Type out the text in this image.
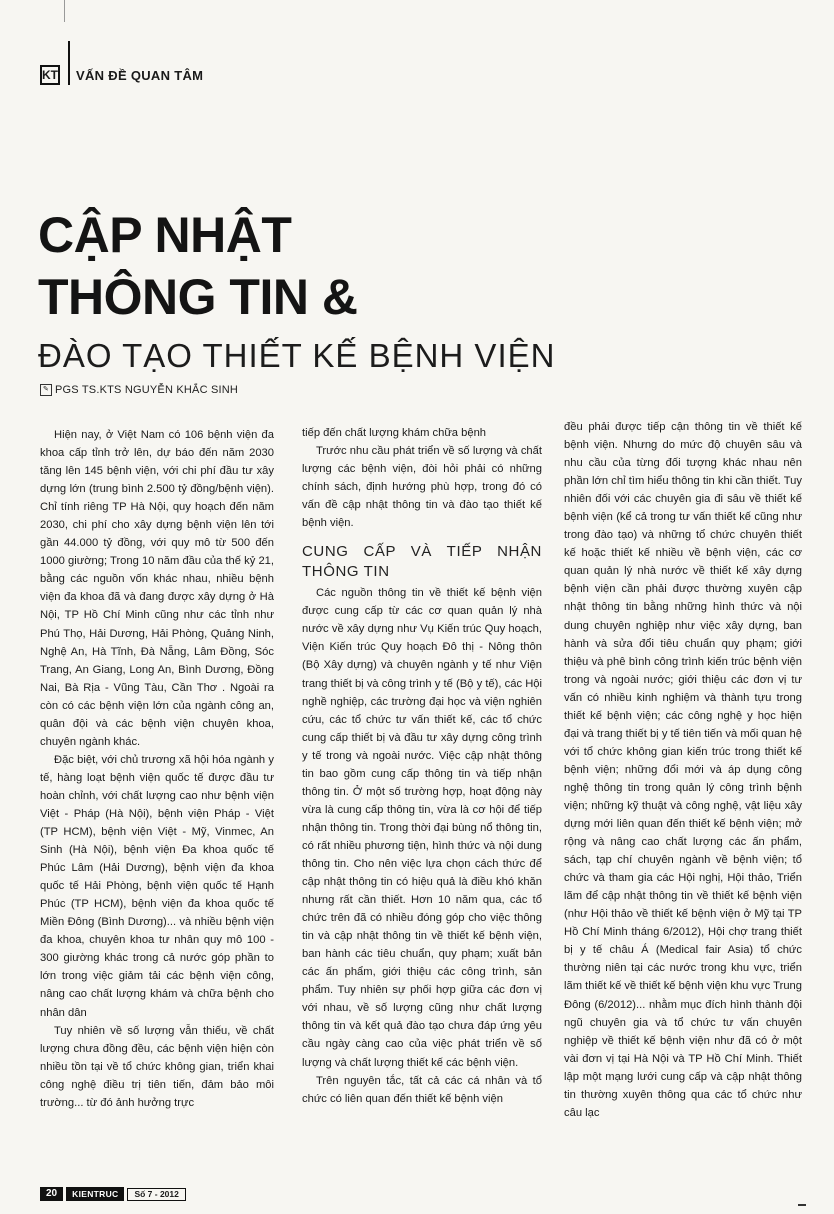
KT VẤN ĐỀ QUAN TÂM
CẬP NHẬT
THÔNG TIN &
ĐÀO TẠO THIẾT KẾ BỆNH VIỆN
✎ PGS TS.KTS NGUYỄN KHẮC SINH

Hiện nay, ở Việt Nam có 106 bệnh viện đa khoa cấp tỉnh trở lên, dự báo đến năm 2030 tăng lên 145 bệnh viện, với chi phí đầu tư xây dựng lớn (trung bình 2.500 tỷ đồng/bệnh viện). Chỉ tính riêng TP Hà Nội, quy hoạch đến năm 2030, chi phí cho xây dựng bệnh viện lên tới gần 44.000 tỷ đồng, với quy mô từ 500 đến 1000 giường; Trong 10 năm đầu của thế kỷ 21, bằng các nguồn vốn khác nhau, nhiều bệnh viện đa khoa đã và đang được xây dựng ở Hà Nội, TP Hồ Chí Minh cũng như các tỉnh như Phú Thọ, Hải Dương, Hải Phòng, Quảng Ninh, Nghệ An, Hà Tĩnh, Đà Nẵng, Lâm Đồng, Sóc Trang, An Giang, Long An, Bình Dương, Đồng Nai, Bà Rịa - Vũng Tàu, Cần Thơ . Ngoài ra còn có các bệnh viện lớn của ngành công an, quân đội và các bệnh viện chuyên khoa, chuyên ngành khác.

Đặc biệt, với chủ trương xã hội hóa ngành y tế, hàng loạt bệnh viện quốc tế được đầu tư hoàn chỉnh, với chất lượng cao như bệnh viện Việt - Pháp (Hà Nội), bệnh viện Pháp - Việt (TP HCM), bệnh viện Việt - Mỹ, Vinmec, An Sinh (Hà Nội), bệnh viện Đa khoa quốc tế Phúc Lâm (Hải Dương), bệnh viện đa khoa quốc tế Hải Phòng, bệnh viện quốc tế Hạnh Phúc (TP HCM), bệnh viện đa khoa quốc tế Miền Đông (Bình Dương)... và nhiều bệnh viện đa khoa, chuyên khoa tư nhân quy mô 100 - 300 giường khác trong cả nước góp phần to lớn trong việc giảm tải các bệnh viện công, nâng cao chất lượng khám và chữa bệnh cho nhân dân

Tuy nhiên về số lượng vẫn thiếu, về chất lượng chưa đồng đều, các bệnh viện hiện còn nhiều tồn tại về tổ chức không gian, triển khai công nghệ điều trị tiên tiến, đảm bảo môi trường... từ đó ảnh hưởng trực

tiếp đến chất lượng khám chữa bệnh

Trước nhu cầu phát triển về số lượng và chất lượng các bệnh viện, đòi hỏi phải có những chính sách, định hướng phù hợp, trong đó có vấn đề cập nhật thông tin và đào tạo thiết kế bệnh viện.

CUNG CẤP VÀ TIẾP NHẬN THÔNG TIN

Các nguồn thông tin về thiết kế bệnh viện được cung cấp từ các cơ quan quản lý nhà nước về xây dựng như Vụ Kiến trúc Quy hoạch, Viện Kiến trúc Quy hoạch Đô thị - Nông thôn (Bộ Xây dựng) và chuyên ngành y tế như Viện trang thiết bị và công trình y tế (Bộ y tế), các Hội nghề nghiệp, các trường đại học và viện nghiên cứu, các tổ chức tư vấn thiết kế, các tổ chức cung cấp thiết bị và đầu tư xây dựng công trình y tế trong và ngoài nước. Việc cập nhật thông tin bao gồm cung cấp thông tin và tiếp nhận thông tin. Ở một số trường hợp, hoạt động này vừa là cung cấp thông tin, vừa là cơ hội để tiếp nhận thông tin. Trong thời đại bùng nổ thông tin, có rất nhiều phương tiện, hình thức và nội dung thông tin. Cho nên việc lựa chọn cách thức để cập nhật thông tin có hiệu quả là điều khó khăn nhưng rất cần thiết. Hơn 10 năm qua, các tổ chức trên đã có nhiều đóng góp cho việc thông tin và cập nhật thông tin về thiết kế bệnh viện, ban hành các tiêu chuẩn, quy phạm; xuất bản các ấn phẩm, giới thiệu các công trình, sản phẩm. Tuy nhiên sự phối hợp giữa các đơn vị với nhau, về số lượng cũng như chất lượng thông tin và kết quả đào tạo chưa đáp ứng yêu cầu ngày càng cao của việc phát triển về số lượng và chất lượng thiết kế các bệnh viện.

Trên nguyên tắc, tất cả các cá nhân và tổ chức có liên quan đến thiết kế bệnh viện

đều phải được tiếp cận thông tin về thiết kế bệnh viện. Nhưng do mức độ chuyên sâu và nhu cầu của từng đối tượng khác nhau nên phần lớn chỉ tìm hiểu thông tin khi cần thiết. Tuy nhiên đối với các chuyên gia đi sâu về thiết kế bệnh viện (kể cả trong tư vấn thiết kế cũng như trong đào tạo) và những tổ chức chuyên thiết kế hoặc thiết kế nhiều về bệnh viện, các cơ quan quản lý nhà nước về thiết kế xây dựng bệnh viện cần phải được thường xuyên cập nhật thông tin bằng những hình thức và nội dung chuyên nghiệp như việc xây dựng, ban hành và sửa đổi tiêu chuẩn quy phạm; giới thiệu và phê bình công trình kiến trúc bệnh viện trong và ngoài nước; giới thiệu các đơn vị tư vấn có nhiều kinh nghiệm và thành tựu trong thiết kế bệnh viện; các công nghệ y học hiện đại và trang thiết bị y tế tiên tiến và mối quan hệ với tổ chức không gian kiến trúc trong thiết kế bệnh viện; những đổi mới và áp dụng công nghệ thông tin trong quản lý công trình bệnh viện; những kỹ thuật và công nghệ, vật liệu xây dựng mới liên quan đến thiết kế bệnh viện; mở rộng và nâng cao chất lượng các ấn phẩm, sách, tạp chí chuyên ngành về bệnh viện; tổ chức và tham gia các Hội nghị, Hội thảo, Triển lãm để cập nhật thông tin về thiết kế bệnh viện (như Hội thảo về thiết kế bệnh viện ở Mỹ tại TP Hồ Chí Minh tháng 6/2012), Hội chợ trang thiết bị y tế châu Á (Medical fair Asia) tổ chức thường niên tại các nước trong khu vực, triển lãm thiết kế về thiết kế bệnh viện khu vực Trung Đông (6/2012)... nhằm mục đích hình thành đội ngũ chuyên gia và tổ chức tư vấn chuyên nghiệp về thiết kế bệnh viện như đã có ở một vài đơn vị tại Hà Nội và TP Hồ Chí Minh. Thiết lập một mạng lưới cung cấp và cập nhật thông tin thường xuyên thông qua các tổ chức như câu lạc

20	KIENTRUC	Số 7 - 2012
